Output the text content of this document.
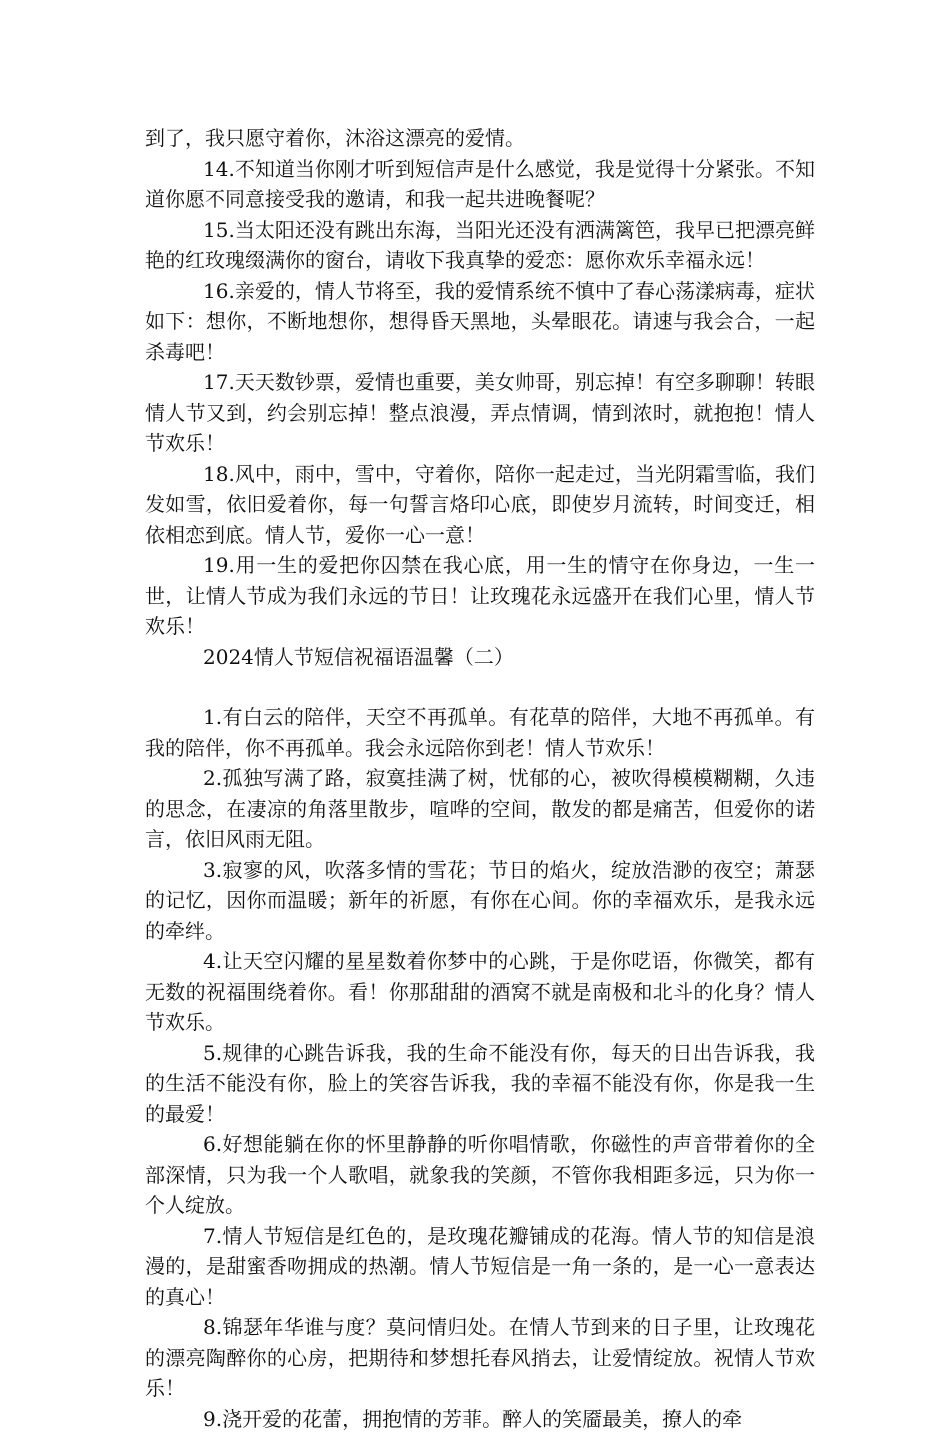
到了，我只愿守着你，沐浴这漂亮的爱情。

14.不知道当你刚才听到短信声是什么感觉，我是觉得十分紧张。不知道你愿不同意接受我的邀请，和我一起共进晚餐呢？

15.当太阳还没有跳出东海，当阳光还没有洒满篱笆，我早已把漂亮鲜艳的红玫瑰缀满你的窗台，请收下我真挚的爱恋：愿你欢乐幸福永远！

16.亲爱的，情人节将至，我的爱情系统不慎中了春心荡漾病毒，症状如下：想你，不断地想你，想得昏天黑地，头晕眼花。请速与我会合，一起杀毒吧！

17.天天数钞票，爱情也重要，美女帅哥，别忘掉！有空多聊聊！转眼情人节又到，约会别忘掉！整点浪漫，弄点情调，情到浓时，就抱抱！情人节欢乐！

18.风中，雨中，雪中，守着你，陪你一起走过，当光阴霜雪临，我们发如雪，依旧爱着你，每一句誓言烙印心底，即使岁月流转，时间变迁，相依相恋到底。情人节，爱你一心一意！

19.用一生的爱把你囚禁在我心底，用一生的情守在你身边，一生一世，让情人节成为我们永远的节日！让玫瑰花永远盛开在我们心里，情人节欢乐！

2024情人节短信祝福语温馨（二）

1.有白云的陪伴，天空不再孤单。有花草的陪伴，大地不再孤单。有我的陪伴，你不再孤单。我会永远陪你到老！情人节欢乐！

2.孤独写满了路，寂寞挂满了树，忧郁的心，被吹得模模糊糊，久违的思念，在凄凉的角落里散步，喧哗的空间，散发的都是痛苦，但爱你的诺言，依旧风雨无阻。

3.寂寥的风，吹落多情的雪花；节日的焰火，绽放浩渺的夜空；萧瑟的记忆，因你而温暖；新年的祈愿，有你在心间。你的幸福欢乐，是我永远的牵绊。

4.让天空闪耀的星星数着你梦中的心跳，于是你呓语，你微笑，都有无数的祝福围绕着你。看！你那甜甜的酒窝不就是南极和北斗的化身？情人节欢乐。

5.规律的心跳告诉我，我的生命不能没有你，每天的日出告诉我，我的生活不能没有你，脸上的笑容告诉我，我的幸福不能没有你，你是我一生的最爱！

6.好想能躺在你的怀里静静的听你唱情歌，你磁性的声音带着你的全部深情，只为我一个人歌唱，就象我的笑颜，不管你我相距多远，只为你一个人绽放。

7.情人节短信是红色的，是玫瑰花瓣铺成的花海。情人节的知信是浪漫的，是甜蜜香吻拥成的热潮。情人节短信是一角一条的，是一心一意表达的真心！

8.锦瑟年华谁与度？莫问情归处。在情人节到来的日子里，让玫瑰花的漂亮陶醉你的心房，把期待和梦想托春风捎去，让爱情绽放。祝情人节欢乐！

9.浇开爱的花蕾，拥抱情的芳菲。醉人的笑靥最美，撩人的牵
